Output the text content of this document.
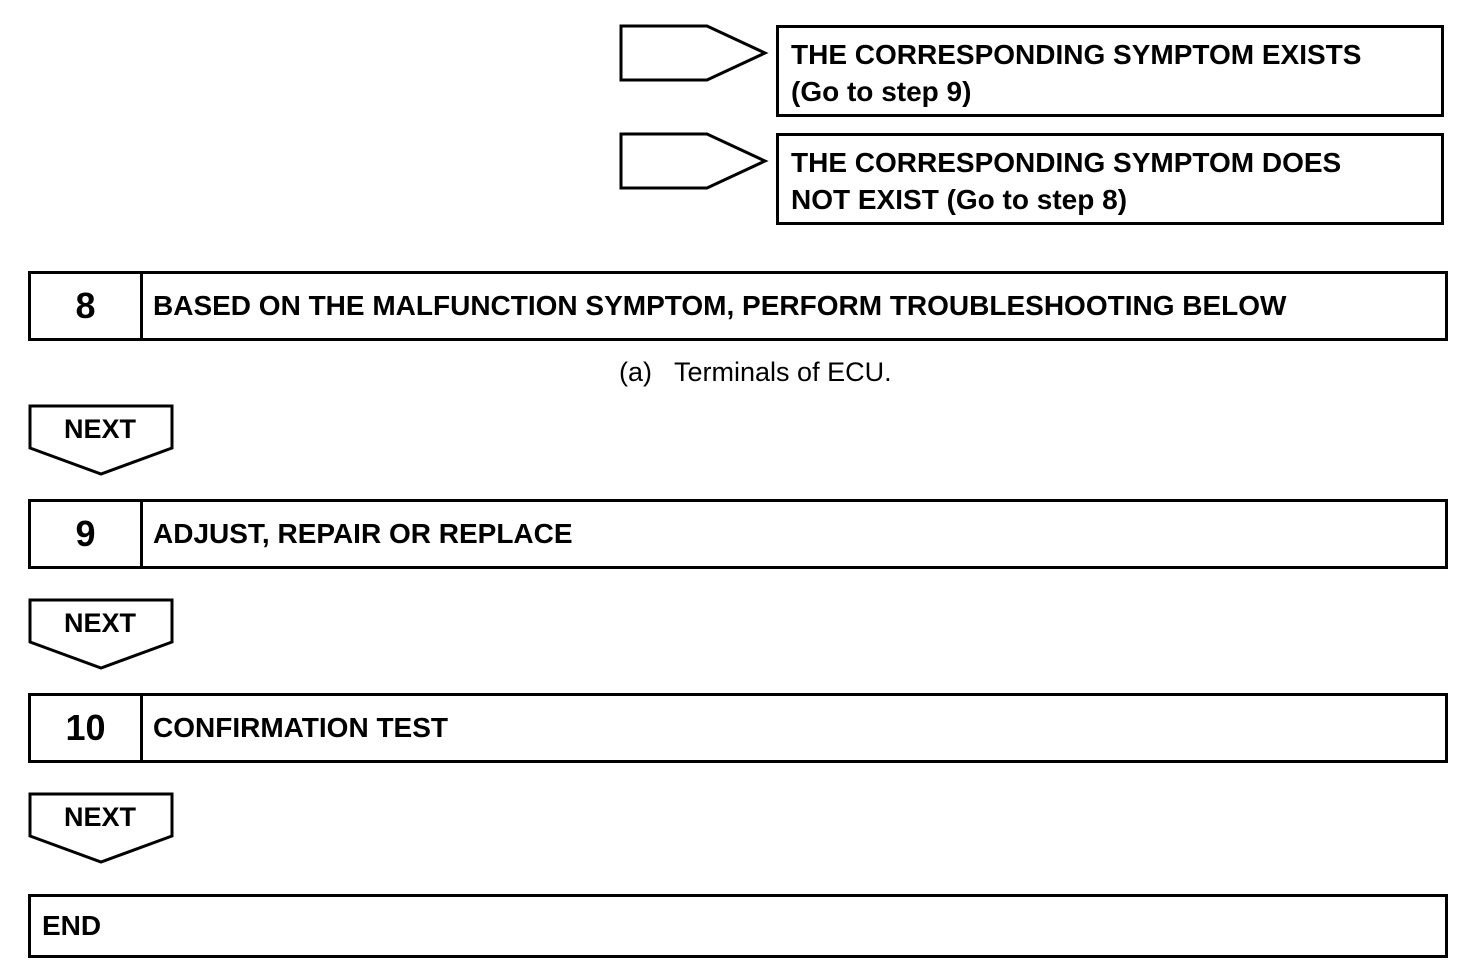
THE CORRESPONDING SYMPTOM EXISTS
(Go to step 9)
THE CORRESPONDING SYMPTOM DOES
NOT EXIST (Go to step 8)
8	BASED ON THE MALFUNCTION SYMPTOM, PERFORM TROUBLESHOOTING BELOW
(a) Terminals of ECU.
NEXT
9	ADJUST, REPAIR OR REPLACE
NEXT
10	CONFIRMATION TEST
NEXT
END
